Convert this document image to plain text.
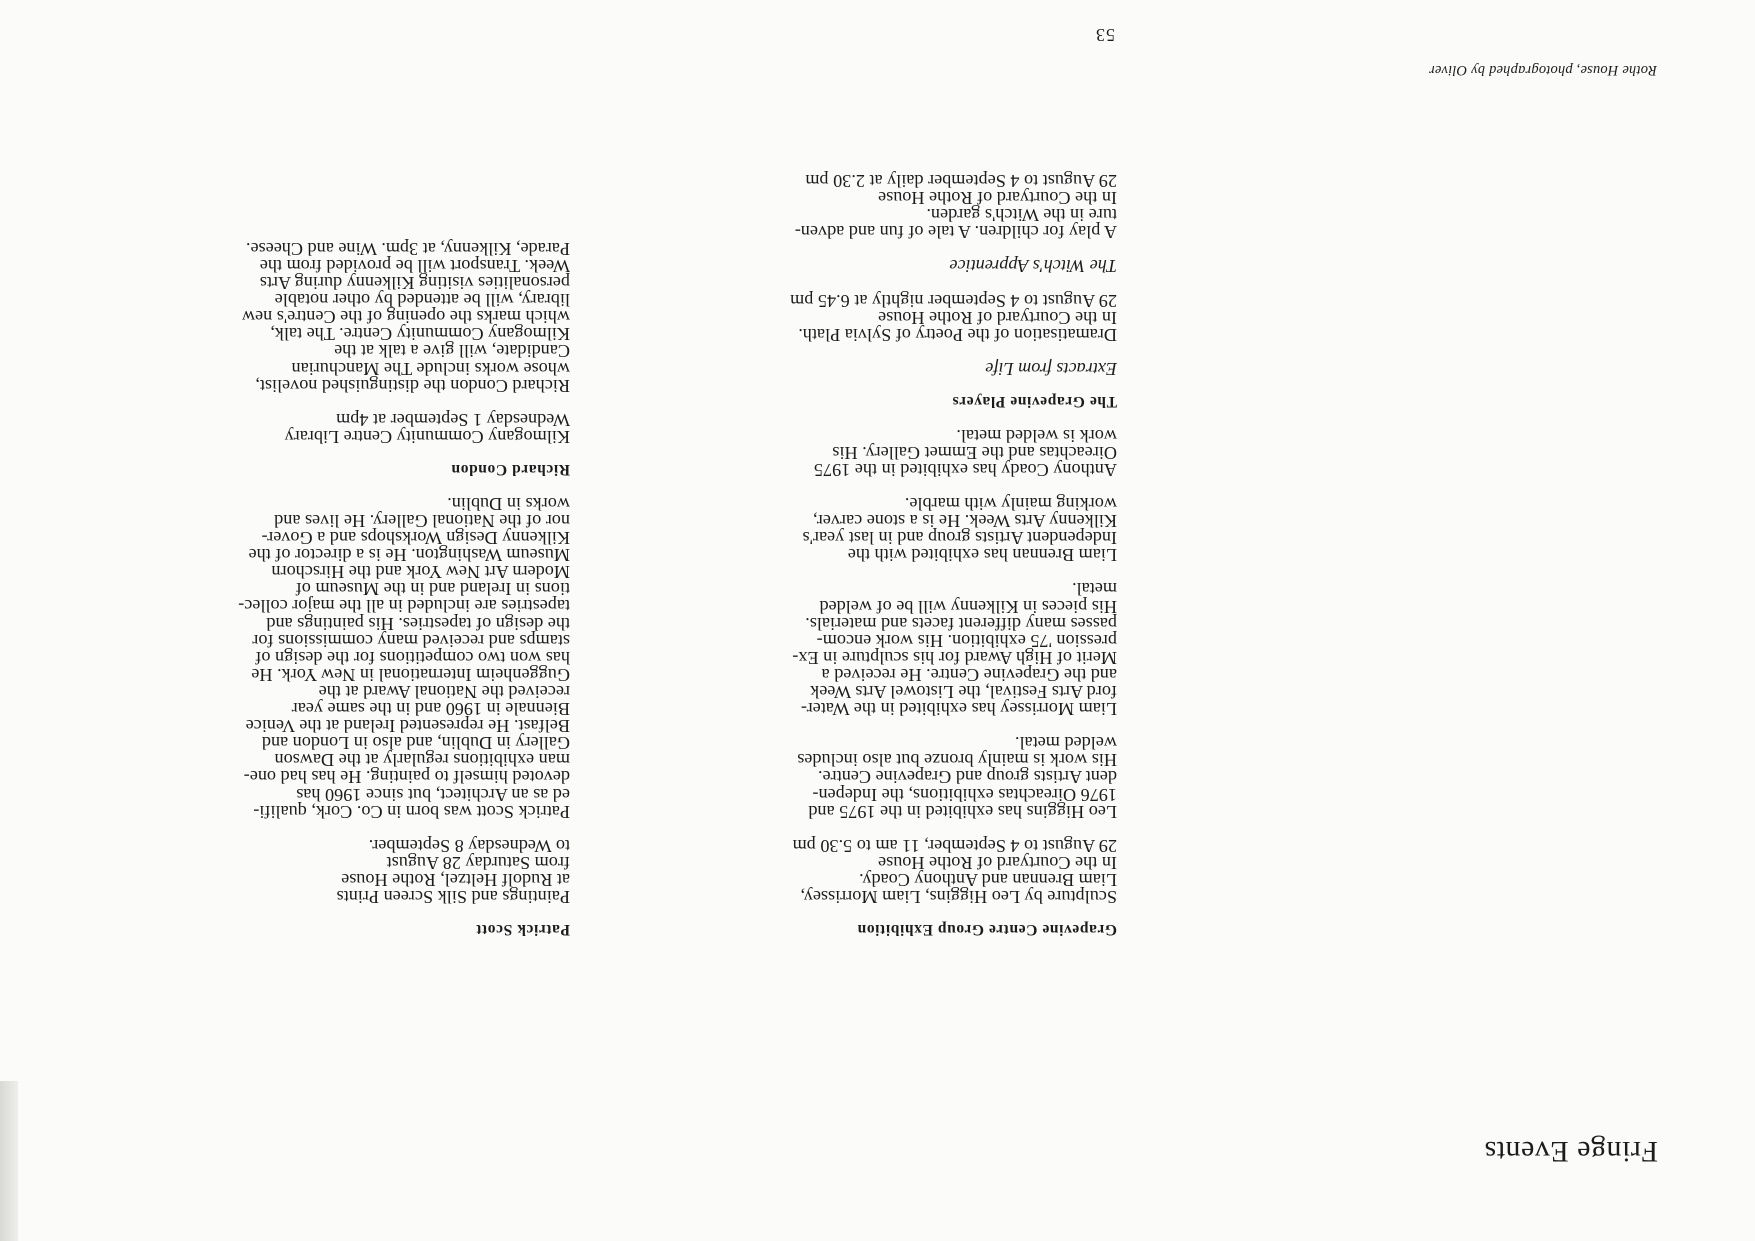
Rothe House, photographed by Oliver
53
Fringe Events
Grapevine Centre Group Exhibition
Sculpture by Leo Higgins, Liam Morrissey,
Liam Brennan and Anthony Coady.
In the Courtyard of Rothe House
29 August to 4 September, 11 am to 5.30 pm
Leo Higgins has exhibited in the 1975 and
1976 Oireachtas exhibitions, the Indepen-
dent Artists group and Grapevine Centre.
His work is mainly bronze but also includes
welded metal.
Liam Morrissey has exhibited in the Water-
ford Arts Festival, the Listowel Arts Week
and the Grapevine Centre. He received a
Merit of High Award for his sculpture in Ex-
pression '75 exhibition. His work encom-
passes many different facets and materials.
His pieces in Kilkenny will be of welded
metal.
Liam Brennan has exhibited with the
Independent Artists group and in last year's
Kilkenny Arts Week. He is a stone carver,
working mainly with marble.
Anthony Coady has exhibited in the 1975
Oireachtas and the Emmet Gallery. His
work is welded metal.
The Grapevine Players
Extracts from Life
Dramatisation of the Poetry of Sylvia Plath.
In the Courtyard of Rothe House
29 August to 4 September nightly at 6.45 pm
The Witch's Apprentice
A play for children. A tale of fun and adven-
ture in the Witch's garden.
In the Courtyard of Rothe House
29 August to 4 September daily at 2.30 pm
Patrick Scott
Paintings and Silk Screen Prints
at Rudolf Heltzel, Rothe House
from Saturday 28 August
to Wednesday 8 September.
Patrick Scott was born in Co. Cork, qualifi-
ed as an Architect, but since 1960 has
devoted himself to painting. He has had one-
man exhibitions regularly at the Dawson
Gallery in Dublin, and also in London and
Belfast. He represented Ireland at the Venice
Biennale in 1960 and in the same year
received the National Award at the
Guggenheim International in New York. He
has won two competitions for the design of
stamps and received many commissions for
the design of tapestries. His paintings and
tapestries are included in all the major collec-
tions in Ireland and in the Museum of
Modern Art New York and the Hirschorn
Museum Washington. He is a director of the
Kilkenny Design Workshops and a Gover-
nor of the National Gallery. He lives and
works in Dublin.
Richard Condon
Kilmogany Community Centre Library
Wednesday 1 September at 4pm
Richard Condon the distinguished novelist,
whose works include The Manchurian
Candidate, will give a talk at the
Kilmogany Community Centre. The talk,
which marks the opening of the Centre's new
library, will be attended by other notable
personalities visiting Kilkenny during Arts
Week. Transport will be provided from the
Parade, Kilkenny, at 3pm. Wine and Cheese.
